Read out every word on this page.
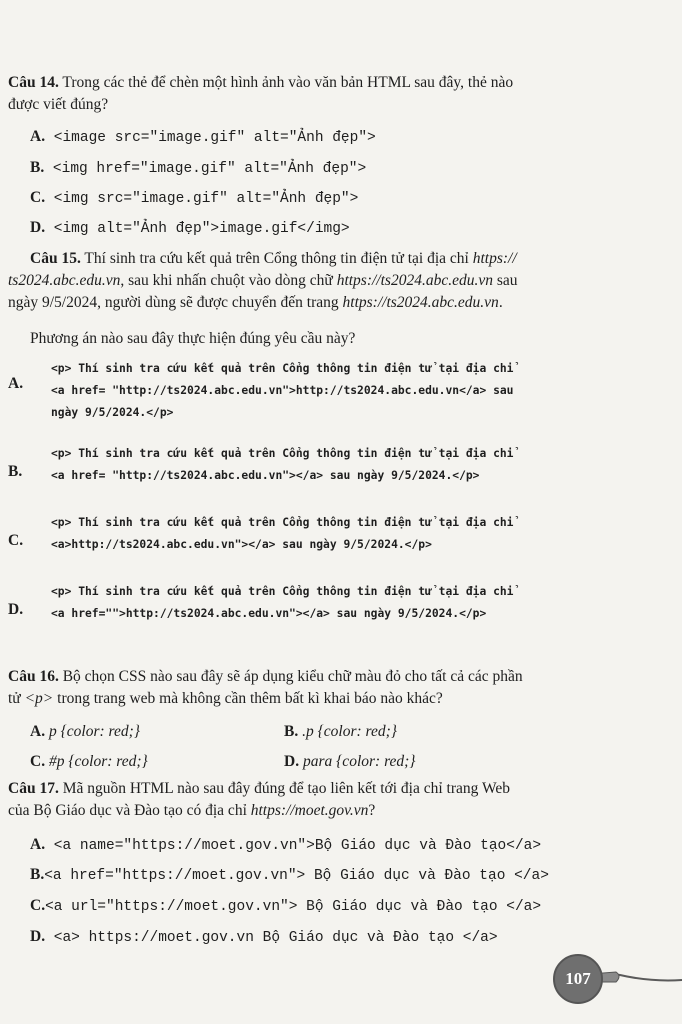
Câu 14. Trong các thẻ để chèn một hình ảnh vào văn bản HTML sau đây, thẻ nào
được viết đúng?
A. <image src="image.gif" alt="Ảnh đẹp">
B. <img href="image.gif" alt="Ảnh đẹp">
C. <img src="image.gif" alt="Ảnh đẹp">
D. <img alt="Ảnh đẹp">image.gif</img>
Câu 15. Thí sinh tra cứu kết quả trên Cổng thông tin điện tử tại địa chỉ https://
ts2024.abc.edu.vn, sau khi nhấn chuột vào dòng chữ https://ts2024.abc.edu.vn sau
ngày 9/5/2024, người dùng sẽ được chuyển đến trang https://ts2024.abc.edu.vn.
Phương án nào sau đây thực hiện đúng yêu cầu này?
A.
<p> Thí sinh tra cứu kết quả trên Cổng thông tin điện tử tại địa chỉ
<a href= "http://ts2024.abc.edu.vn">http://ts2024.abc.edu.vn</a> sau
ngày 9/5/2024.</p>
B.
<p> Thí sinh tra cứu kết quả trên Cổng thông tin điện tử tại địa chỉ
<a href= "http://ts2024.abc.edu.vn"></a> sau ngày 9/5/2024.</p>
C.
<p> Thí sinh tra cứu kết quả trên Cổng thông tin điện tử tại địa chỉ
<a>http://ts2024.abc.edu.vn"></a> sau ngày 9/5/2024.</p>
D.
<p> Thí sinh tra cứu kết quả trên Cổng thông tin điện tử tại địa chỉ
<a href="">http://ts2024.abc.edu.vn"></a> sau ngày 9/5/2024.</p>
Câu 16. Bộ chọn CSS nào sau đây sẽ áp dụng kiểu chữ màu đỏ cho tất cả các phần
tử <p> trong trang web mà không cần thêm bất kì khai báo nào khác?
A. p {color: red;}	B. .p {color: red;}
C. #p {color: red;}	D. para {color: red;}
Câu 17. Mã nguồn HTML nào sau đây đúng để tạo liên kết tới địa chỉ trang Web
của Bộ Giáo dục và Đào tạo có địa chỉ https://moet.gov.vn?
A. <a name="https://moet.gov.vn">Bộ Giáo dục và Đào tạo</a>
B.<a href="https://moet.gov.vn"> Bộ Giáo dục và Đào tạo </a>
C.<a url="https://moet.gov.vn"> Bộ Giáo dục và Đào tạo </a>
D. <a> https://moet.gov.vn Bộ Giáo dục và Đào tạo </a>
107
